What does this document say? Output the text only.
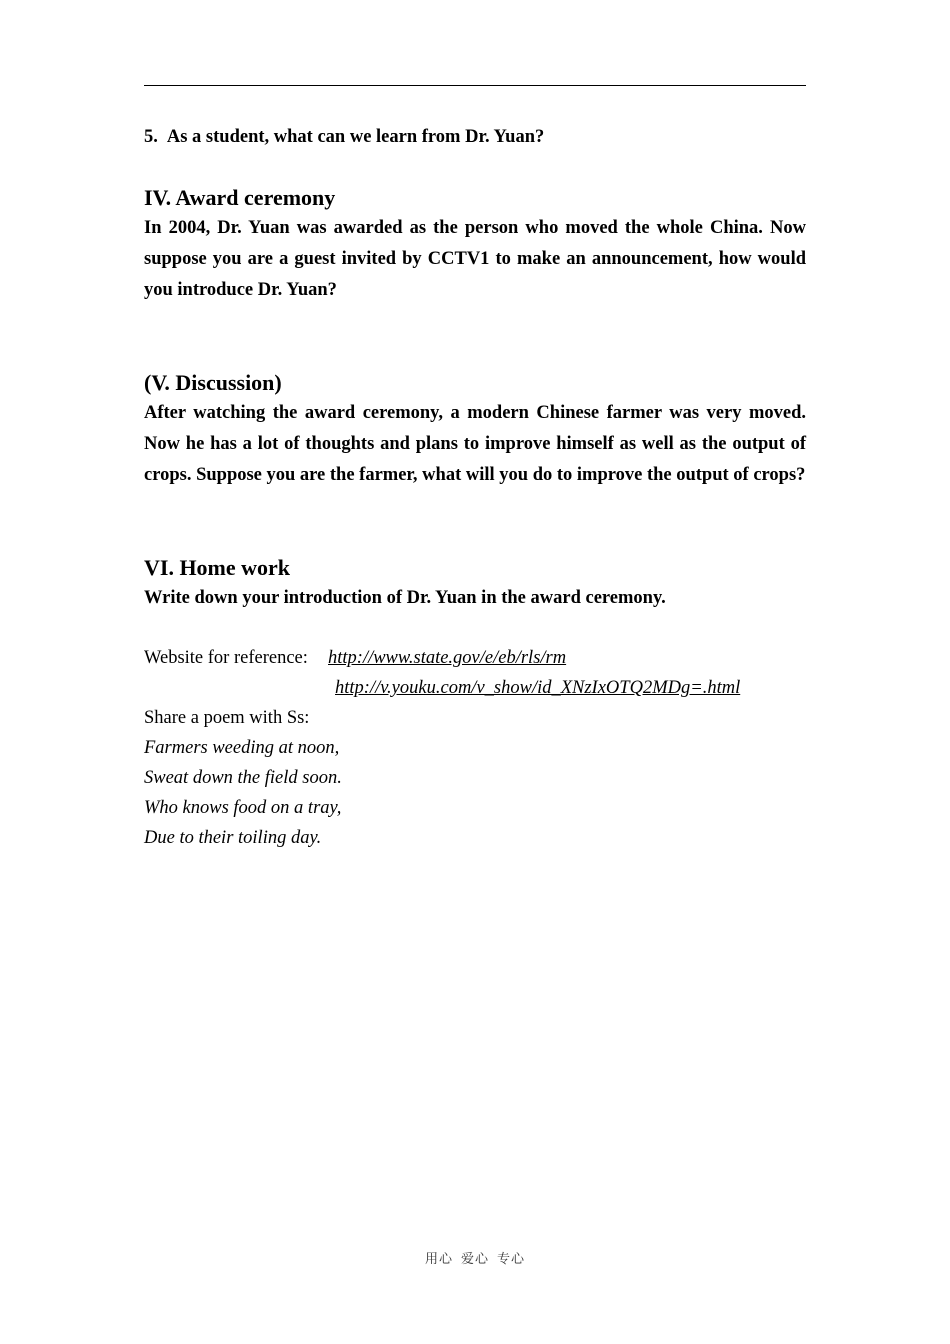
5. As a student, what can we learn from Dr. Yuan?

IV. Award ceremony

In 2004, Dr. Yuan was awarded as the person who moved the whole China. Now suppose you are a guest invited by CCTV1 to make an announcement, how would you introduce Dr. Yuan?

(V. Discussion)

After watching the award ceremony, a modern Chinese farmer was very moved. Now he has a lot of thoughts and plans to improve himself as well as the output of crops. Suppose you are the farmer, what will you do to improve the output of crops?

VI. Home work

Write down your introduction of Dr. Yuan in the award ceremony.

Website for reference: http://www.state.gov/e/eb/rls/rm

http://v.youku.com/v_show/id_XNzIxOTQ2MDg=.html

Share a poem with Ss:

Farmers weeding at noon,

Sweat down the field soon.

Who knows food on a tray,

Due to their toiling day.

用心 爱心 专心
